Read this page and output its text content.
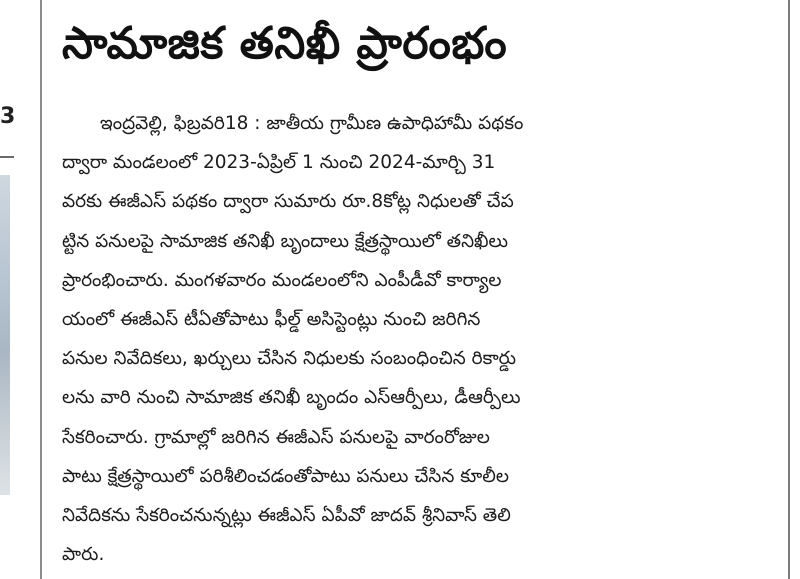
3
సామాజిక తనిఖీ ప్రారంభం
ఇంద్రవెల్లి, ఫిబ్రవరి18 : జాతీయ గ్రామీణ ఉపాధిహామీ పథకం
ద్వారా మండలంలో 2023-ఏప్రిల్ 1 నుంచి 2024-మార్చి 31
వరకు ఈజీఎస్ పథకం ద్వారా సుమారు రూ.8కోట్ల నిధులతో చేప
ట్టిన పనులపై సామాజిక తనిఖీ బృందాలు క్షేత్రస్థాయిలో తనిఖీలు
ప్రారంభించారు. మంగళవారం మండలంలోని ఎంపీడీవో కార్యాల
యంలో ఈజీఎస్ టీఏతోపాటు ఫీల్డ్ అసిస్టెంట్లు నుంచి జరిగిన
పనుల నివేదికలు, ఖర్చులు చేసిన నిధులకు సంబంధించిన రికార్డు
లను వారి నుంచి సామాజిక తనిఖీ బృందం ఎస్ఆర్పీలు, డీఆర్పీలు
సేకరించారు. గ్రామాల్లో జరిగిన ఈజీఎస్ పనులపై వారంరోజుల
పాటు క్షేత్రస్థాయిలో పరిశీలించడంతోపాటు పనులు చేసిన కూలీల
నివేదికను సేకరించనున్నట్లు ఈజీఎస్ ఏపీవో జాదవ్ శ్రీనివాస్ తెలి
పారు.
